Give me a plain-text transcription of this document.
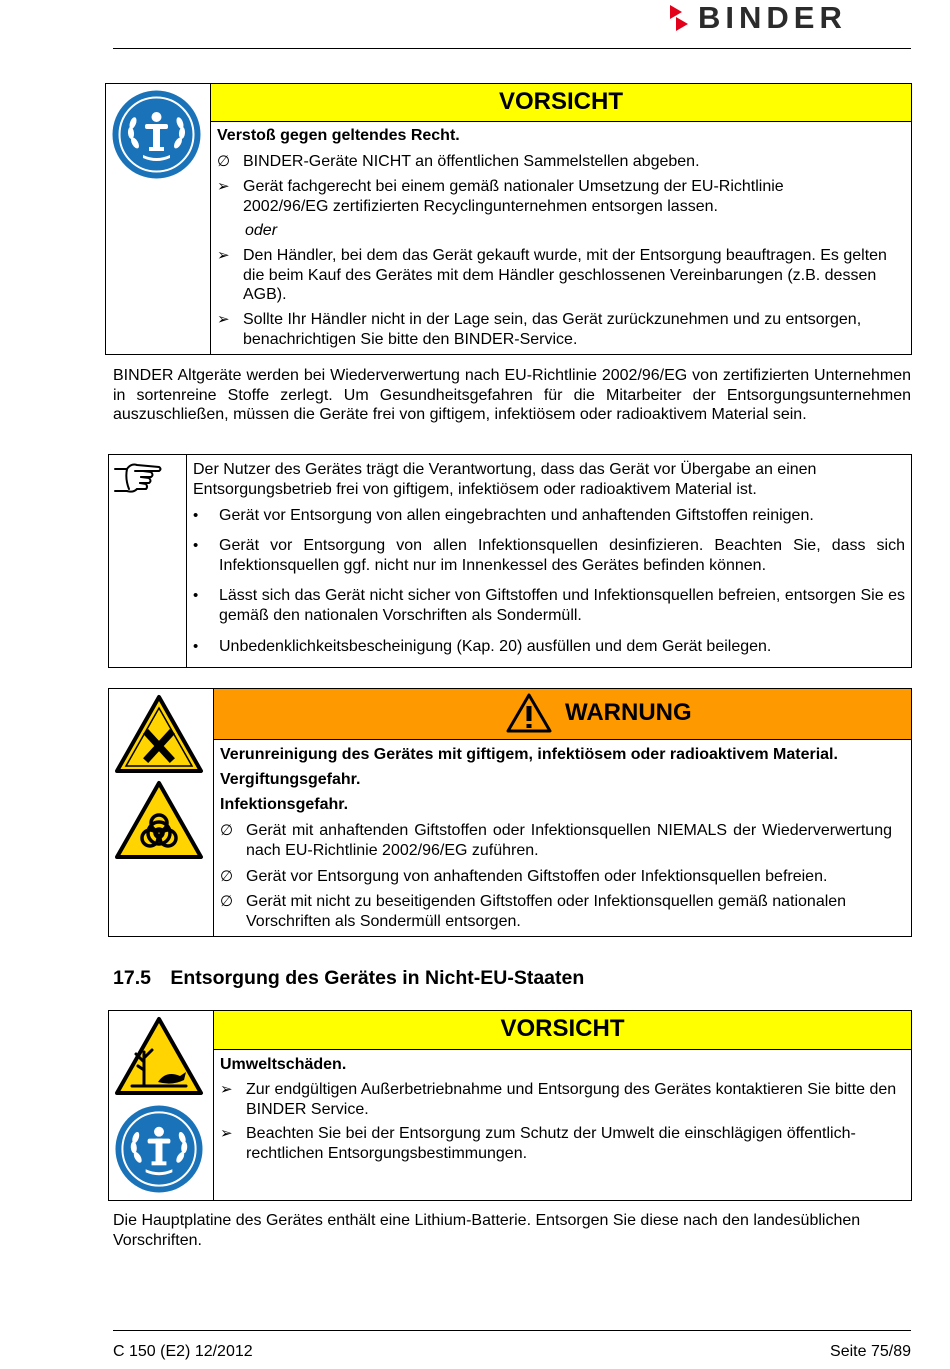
BINDER
VORSICHT
Verstoß gegen geltendes Recht.
∅ BINDER-Geräte NICHT an öffentlichen Sammelstellen abgeben.
➢ Gerät fachgerecht bei einem gemäß nationaler Umsetzung der EU-Richtlinie 2002/96/EG zertifizierten Recyclingunternehmen entsorgen lassen.
oder
➢ Den Händler, bei dem das Gerät gekauft wurde, mit der Entsorgung beauftragen. Es gelten die beim Kauf des Gerätes mit dem Händler geschlossenen Vereinbarungen (z.B. dessen AGB).
➢ Sollte Ihr Händler nicht in der Lage sein, das Gerät zurückzunehmen und zu entsorgen, benachrichtigen Sie bitte den BINDER-Service.
BINDER Altgeräte werden bei Wiederverwertung nach EU-Richtlinie 2002/96/EG von zertifizierten Unternehmen in sortenreine Stoffe zerlegt. Um Gesundheitsgefahren für die Mitarbeiter der Entsorgungsunternehmen auszuschließen, müssen die Geräte frei von giftigem, infektiösem oder radioaktivem Material sein.
Der Nutzer des Gerätes trägt die Verantwortung, dass das Gerät vor Übergabe an einen Entsorgungsbetrieb frei von giftigem, infektiösem oder radioaktivem Material ist.
•	Gerät vor Entsorgung von allen eingebrachten und anhaftenden Giftstoffen reinigen.
•	Gerät vor Entsorgung von allen Infektionsquellen desinfizieren. Beachten Sie, dass sich Infektionsquellen ggf. nicht nur im Innenkessel des Gerätes befinden können.
•	Lässt sich das Gerät nicht sicher von Giftstoffen und Infektionsquellen befreien, entsorgen Sie es gemäß den nationalen Vorschriften als Sondermüll.
•	Unbedenklichkeitsbescheinigung (Kap. 20) ausfüllen und dem Gerät beilegen.
WARNUNG
Verunreinigung des Gerätes mit giftigem, infektiösem oder radioaktivem Material.
Vergiftungsgefahr.
Infektionsgefahr.
∅ Gerät mit anhaftenden Giftstoffen oder Infektionsquellen NIEMALS der Wiederverwertung nach EU-Richtlinie 2002/96/EG zuführen.
∅ Gerät vor Entsorgung von anhaftenden Giftstoffen oder Infektionsquellen befreien.
∅ Gerät mit nicht zu beseitigenden Giftstoffen oder Infektionsquellen gemäß nationalen Vorschriften als Sondermüll entsorgen.
17.5 Entsorgung des Gerätes in Nicht-EU-Staaten
VORSICHT
Umweltschäden.
➢ Zur endgültigen Außerbetriebnahme und Entsorgung des Gerätes kontaktieren Sie bitte den BINDER Service.
➢ Beachten Sie bei der Entsorgung zum Schutz der Umwelt die einschlägigen öffentlich-rechtlichen Entsorgungsbestimmungen.
Die Hauptplatine des Gerätes enthält eine Lithium-Batterie. Entsorgen Sie diese nach den landesüblichen Vorschriften.
C 150 (E2) 12/2012	Seite 75/89
